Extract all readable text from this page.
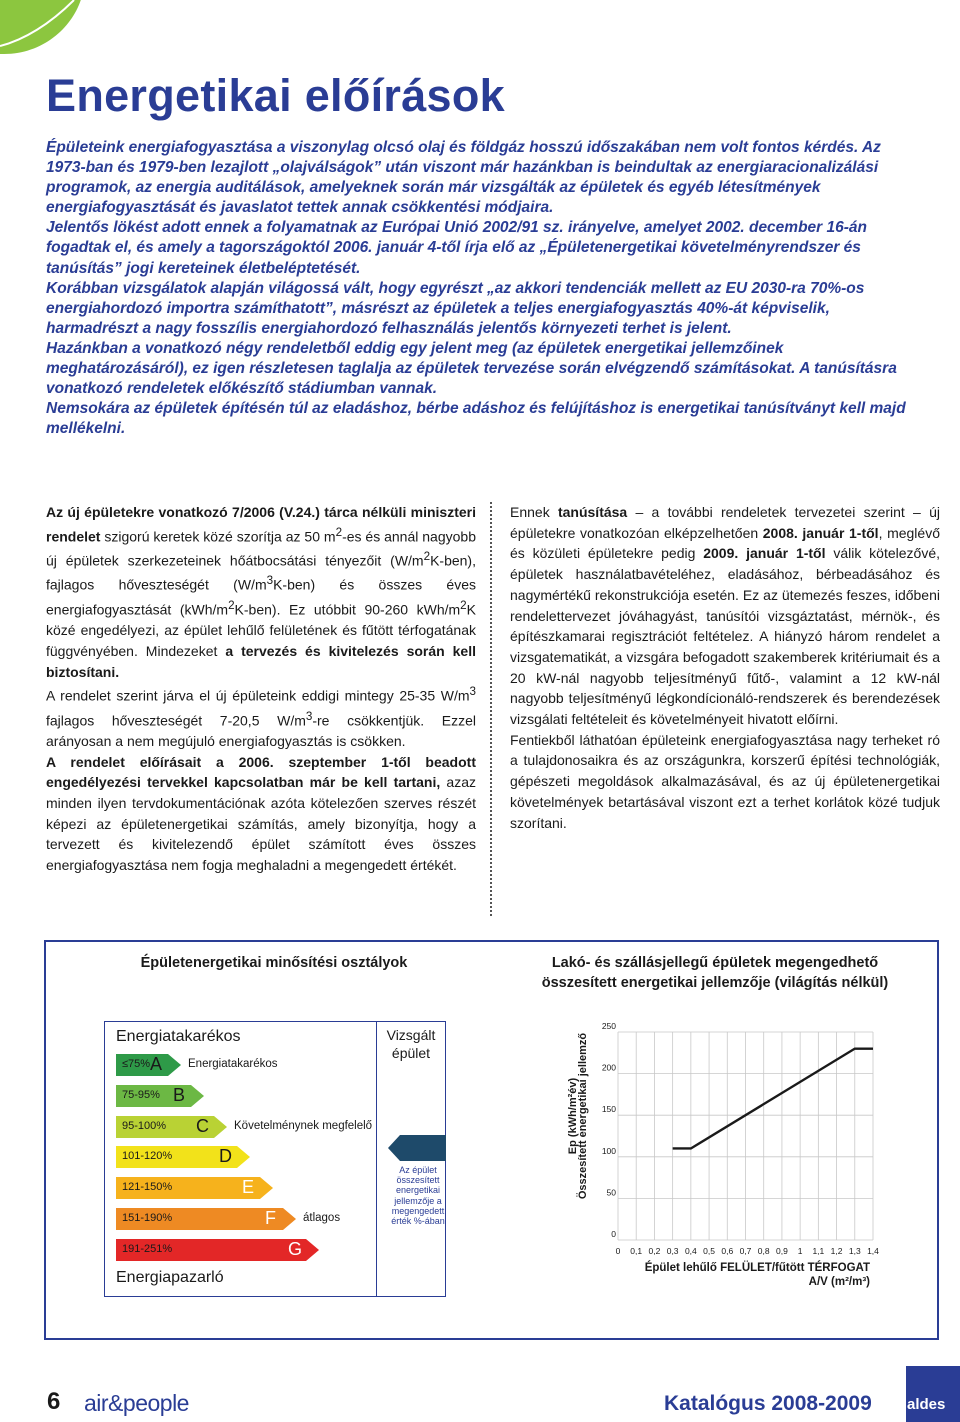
Energetikai előírások

Épületeink energiafogyasztása a viszonylag olcsó olaj és földgáz hosszú időszakában nem volt fontos kérdés. Az 1973-ban és 1979-ben lezajlott „olajválságok” után viszont már hazánkban is beindultak az energiaracionalizálási programok, az energia auditálások, amelyeknek során már vizsgálták az épületek és egyéb létesítmények energiafogyasztását és javaslatot tettek annak csökkentési módjaira.

Jelentős lökést adott ennek a folyamatnak az Európai Unió 2002/91 sz. irányelve, amelyet 2002. december 16-án fogadtak el, és amely a tagországoktól 2006. január 4-től írja elő az „Épületenergetikai követelményrendszer és tanúsítás” jogi kereteinek életbeléptetését.

Korábban vizsgálatok alapján világossá vált, hogy egyrészt „az akkori tendenciák mellett az EU 2030-ra 70%-os energiahordozó importra számíthatott”, másrészt az épületek a teljes energiafogyasztás 40%-át képviselik, harmadrészt a nagy fosszílis energiahordozó felhasználás jelentős környezeti terhet is jelent.

Hazánkban a vonatkozó négy rendeletből eddig egy jelent meg (az épületek energetikai jellemzőinek meghatározásáról), ez igen részletesen taglalja az épületek tervezése során elvégzendő számításokat. A tanúsításra vonatkozó rendeletek előkészítő stádiumban vannak.

Nemsokára az épületek építésén túl az eladáshoz, bérbe adáshoz és felújításhoz is energetikai tanúsítványt kell majd mellékelni.

Az új épületekre vonatkozó 7/2006 (V.24.) tárca nélküli miniszteri rendelet szigorú keretek közé szorítja az 50 $m^2-es$ és annál nagyobb új épületek szerkezeteinek hőátbocsátási tényezőit $(W/m^2K-ben)$, fajlagos hőveszteségét $(W/m^3K-ben)$ és összes éves energiafogyasztását $(kWh/m^2K-ben)$. Ez utóbbit 90-260 kWh/$m^2K$ közé engedélyezi, az épület lehűlő felületének és fűtött térfogatának függvényében. Mindezeket a tervezés és kivitelezés során kell biztosítani.

A rendelet szerint járva el új épületeink eddigi mintegy 25-35 $W/m^3$ fajlagos hőveszteségét 7-20,5 $W/m^3-re$ csökkentjük. Ezzel arányosan a nem megújuló energiafogyasztás is csökken.

A rendelet előírásait a 2006. szeptember 1-től beadott engedélyezési tervekkel kapcsolatban már be kell tartani, azaz minden ilyen tervdokumentációnak azóta kötelezően szerves részét képezi az épületenergetikai számítás, amely bizonyítja, hogy a tervezett és kivitelezendő épület számított éves összes energiafogyasztása nem fogja meghaladni a megengedett értékét.

Ennek tanúsítása – a további rendeletek tervezetei szerint – új épületekre vonatkozóan elképzelhetően 2008. január 1-től, meglévő és közületi épületekre pedig 2009. január 1-től válik kötelezővé, épületek használatbavételéhez, eladásához, bérbeadásához és nagymértékű rekonstrukciója esetén. Ez az ütemezés feszes, időbeni rendelettervezet jóváhagyást, tanúsítói vizsgáztatást, mérnök-, és építészkamarai regisztrációt feltételez. A hiányzó három rendelet a vizsgatematikát, a vizsgára befogadott szakemberek kritériumait és a 20 kW-nál nagyobb teljesítményű fűtő-, valamint a 12 kW-nál nagyobb teljesítményű légkondícionáló-rendszerek és berendezések vizsgálati feltételeit és követelményeit hivatott előírni.

Fentiekből láthatóan épületeink energiafogyasztása nagy terheket ró a tulajdonosaikra és az országunkra, korszerű építési technológiák, gépészeti megoldások alkalmazásával, és az új épületenergetikai követelmények betartásával viszont ezt a terhet korlátok közé tudjuk szorítani.

Épületenergetikai minősítési osztályok	Lakó- és szállásjellegű épületek megengedhető
összesített energetikai jellemzője (világítás nélkül)
Energiatakarékos
Energiapazarló
≤75% A
75-95% B
95-100% C
101-120%	D
121-150%	E
151-190%	F
191-251%	G
Vizsgált épület
Az épület összesített energetikai jellemzője a megengedett érték %-ában
Összesített energetikai jellemző
Ep (kWh/m²év)
0 0,1 0,2 0,3 0,4 0,5 0,6 0,7 0,8 0,9 1 1,1 1,2 1,3 1,4
0
50
100
150
200
250
Épület lehűlő FELÜLET/fűtött TÉRFOGAT
A/V (m²/m³)
6 air&people	Katalógus 2008-2009 aldes
Energiatakarékos
Követelménynek megfelelő
átlagos
